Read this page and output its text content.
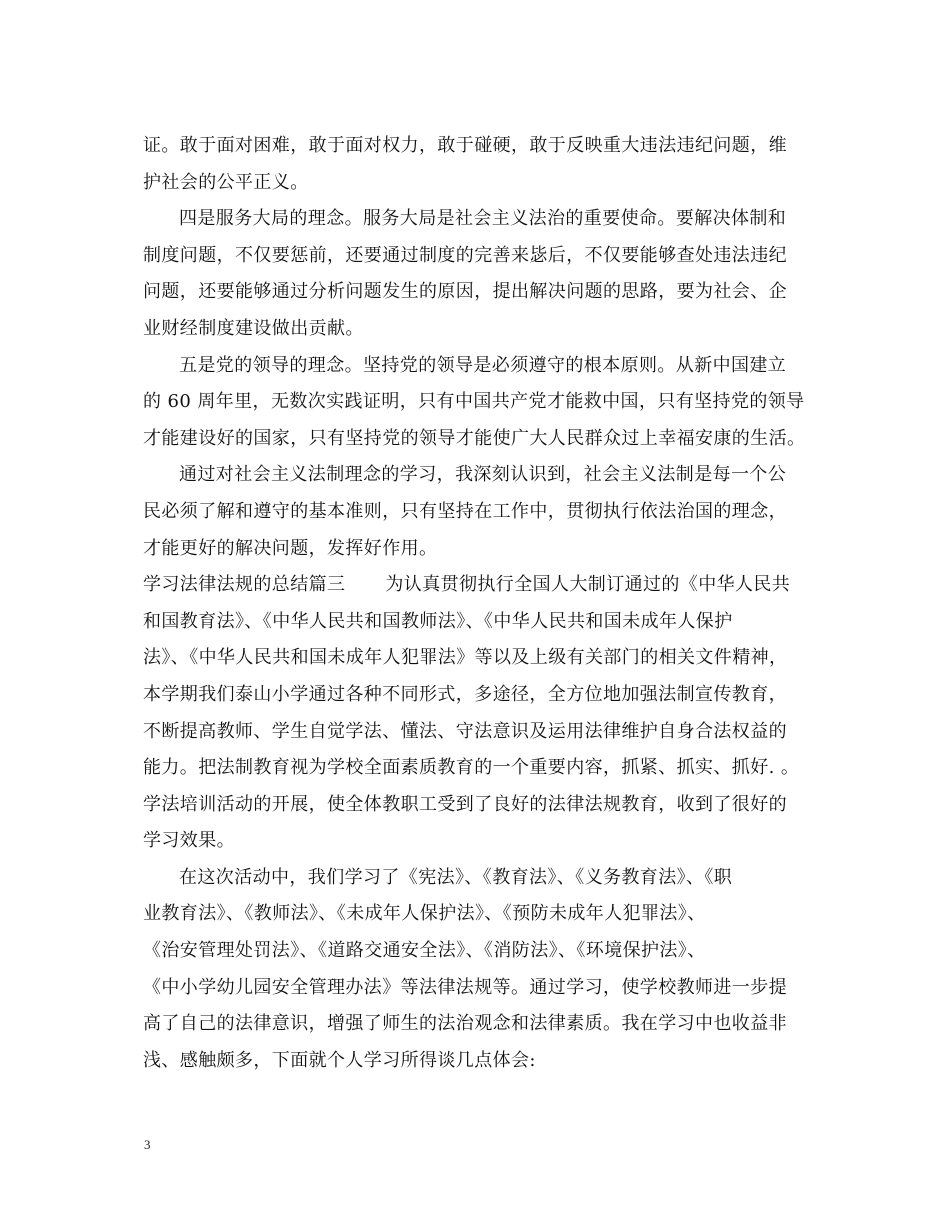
证。敢于面对困难，敢于面对权力，敢于碰硬，敢于反映重大违法违纪问题，维
护社会的公平正义。
四是服务大局的理念。服务大局是社会主义法治的重要使命。要解决体制和
制度问题，不仅要惩前，还要通过制度的完善来毖后，不仅要能够查处违法违纪
问题，还要能够通过分析问题发生的原因，提出解决问题的思路，要为社会、企
业财经制度建设做出贡献。
五是党的领导的理念。坚持党的领导是必须遵守的根本原则。从新中国建立
的 60 周年里，无数次实践证明，只有中国共产党才能救中国，只有坚持党的领导
才能建设好的国家，只有坚持党的领导才能使广大人民群众过上幸福安康的生活。
通过对社会主义法制理念的学习，我深刻认识到，社会主义法制是每一个公
民必须了解和遵守的基本准则，只有坚持在工作中，贯彻执行依法治国的理念，
才能更好的解决问题，发挥好作用。
学习法律法规的总结篇三 为认真贯彻执行全国人大制订通过的《中华人民共
和国教育法》、《中华人民共和国教师法》、《中华人民共和国未成年人保护
法》、《中华人民共和国未成年人犯罪法》等以及上级有关部门的相关文件精神，
本学期我们泰山小学通过各种不同形式，多途径，全方位地加强法制宣传教育，
不断提高教师、学生自觉学法、懂法、守法意识及运用法律维护自身合法权益的
能力。把法制教育视为学校全面素质教育的一个重要内容，抓紧、抓实、抓好. 。
学法培训活动的开展，使全体教职工受到了良好的法律法规教育，收到了很好的
学习效果。
在这次活动中，我们学习了《宪法》、《教育法》、《义务教育法》、《职
业教育法》、《教师法》、《未成年人保护法》、《预防未成年人犯罪法》、
《治安管理处罚法》、《道路交通安全法》、《消防法》、《环境保护法》、
《中小学幼儿园安全管理办法》等法律法规等。通过学习，使学校教师进一步提
高了自己的法律意识，增强了师生的法治观念和法律素质。我在学习中也收益非
浅、感触颇多，下面就个人学习所得谈几点体会:
3
